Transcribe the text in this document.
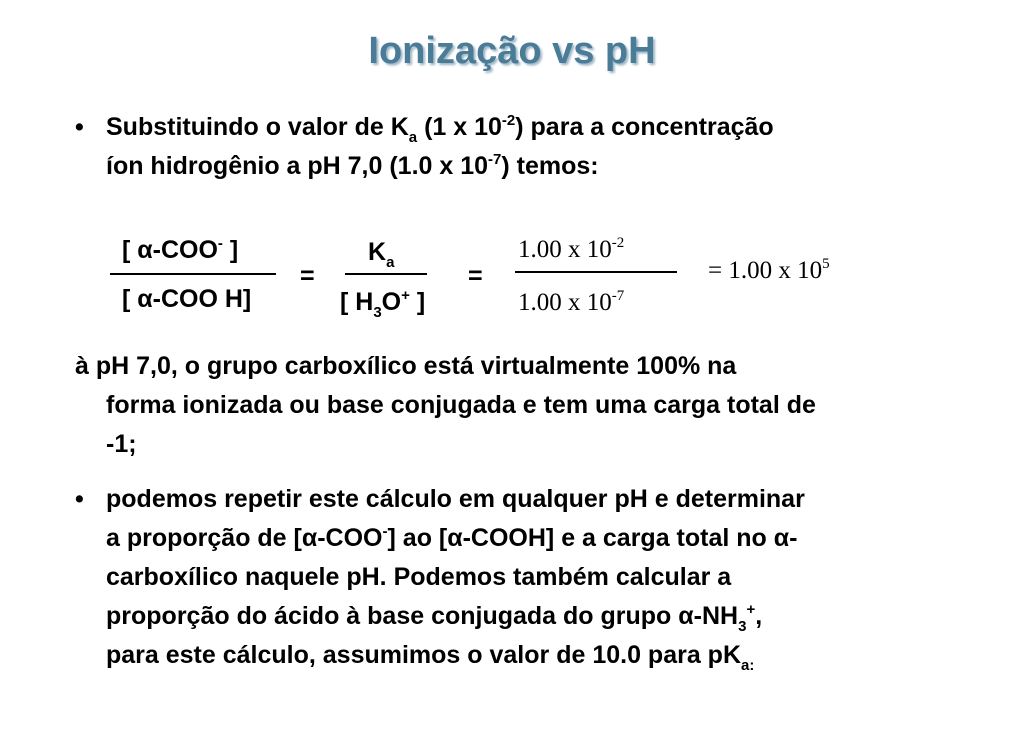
Ionização vs pH
• Substituindo o valor de $K_a$ (1 x $10^{-2}$) para a concentração
íon hidrogênio a pH 7,0 (1.0 x $10^{-7}$) temos:
[ α-COO- ]
[ α-COO H]
=
$K_a$
[ $H_3O^+$ ]
=
1.00 x $10^{-2}$
1.00 x $10^{-7}$
= 1.00 x $10^5$
à pH 7,0, o grupo carboxílico está virtualmente 100% na
forma ionizada ou base conjugada e tem uma carga total de
-1;
• podemos repetir este cálculo em qualquer pH e determinar
a proporção de [α-COO-] ao [α-COOH] e a carga total no α-
carboxílico naquele pH. Podemos também calcular a
proporção do ácido à base conjugada do grupo $\alpha-NH_3^+$,
para este cálculo, assumimos o valor de 10.0 para $pK_{a:}$
